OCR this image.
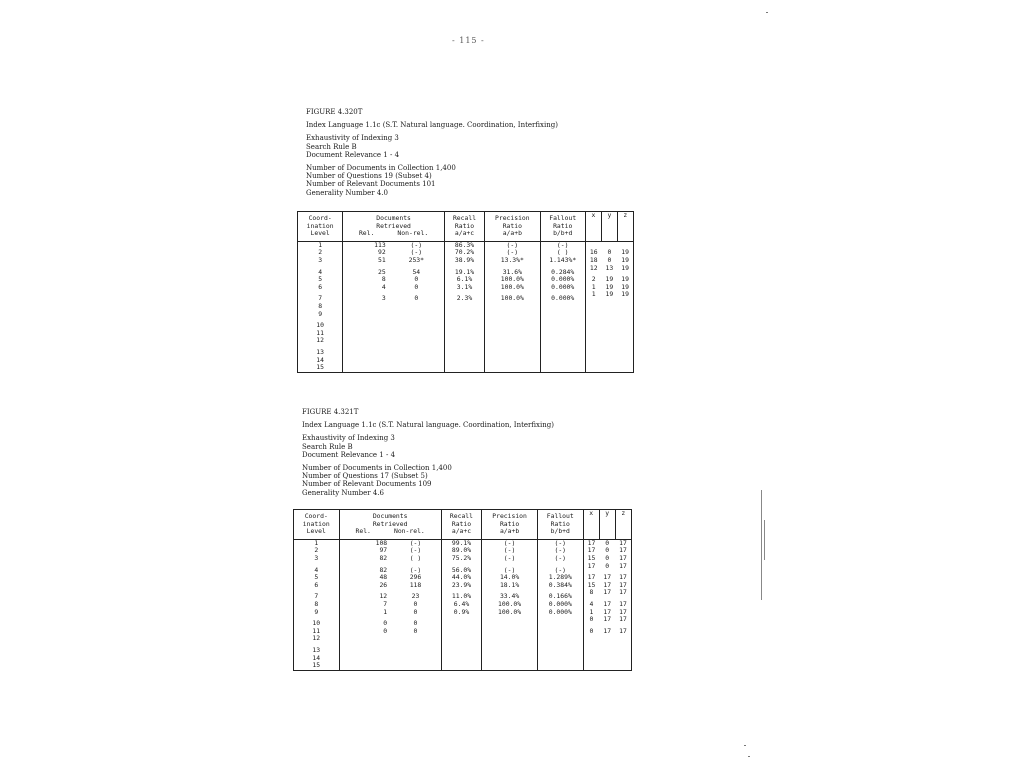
- 115 -
FIGURE 4.320T
Index Language 1.1c (S.T. Natural language. Coordination, Interfixing)
Exhaustivity of Indexing 3
Search Rule B
Document Relevance 1 - 4
Number of Documents in Collection 1,400
Number of Questions 19 (Subset 4)
Number of Relevant Documents 101
Generality Number 4.0
Coord-
ination
Level	Documents
Retrieved
Rel.      Non-rel.		Recall
Ratio
a/a+c	Precision
Ratio
a/a+b	Fallout
Ratio
b/b+d	x	y	z
1	113	(-)	86.3%	(-)	(-)			
2	92	(-)	70.2%	(-)	( )	16	0	19
3	51	253*	38.9%	13.3%*	1.143%*	18	0	19
4	25	54	19.1%	31.6%	0.284%	12	13	19
5	8	0	6.1%	100.0%	0.000%	2	19	19
6	4	0	3.1%	100.0%	0.000%	1	19	19
7	3	0	2.3%	100.0%	0.000%	1	19	19
8								
9								
10								
11								
12								
13								
14								
15								
FIGURE 4.321T
Index Language 1.1c (S.T. Natural language. Coordination, Interfixing)
Exhaustivity of Indexing 3
Search Rule B
Document Relevance 1 - 4
Number of Documents in Collection 1,400
Number of Questions 17 (Subset 5)
Number of Relevant Documents 109
Generality Number 4.6
Coord-
ination
Level	Documents
Retrieved
Rel.      Non-rel.		Recall
Ratio
a/a+c	Precision
Ratio
a/a+b	Fallout
Ratio
b/b+d	x	y	z
1	108	(-)	99.1%	(-)	(-)	17	0	17
2	97	(-)	89.0%	(-)	(-)	17	0	17
3	82	( )	75.2%	(-)	(-)	15	0	17
4	82	(-)	56.0%	(-)	(-)	17	0	17
5	48	296	44.0%	14.0%	1.289%	17	17	17
6	26	118	23.9%	18.1%	0.384%	15	17	17
7	12	23	11.0%	33.4%	0.166%	8	17	17
8	7	0	6.4%	100.0%	0.000%	4	17	17
9	1	0	0.9%	100.0%	0.000%	1	17	17
10	0	0				0	17	17
11	0	0				0	17	17
12								
13								
14								
15								
